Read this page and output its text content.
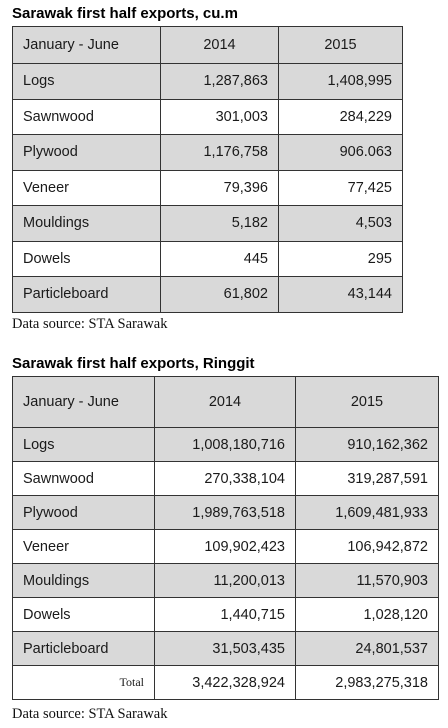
Sarawak first half exports, cu.m
January - June	2014	2015
Logs	1,287,863	1,408,995
Sawnwood	301,003	284,229
Plywood	1,176,758	906.063
Veneer	79,396	77,425
Mouldings	5,182	4,503
Dowels	445	295
Particleboard	61,802	43,144
Data source: STA Sarawak
Sarawak first half exports, Ringgit
January - June	2014	2015
Logs	1,008,180,716	910,162,362
Sawnwood	270,338,104	319,287,591
Plywood	1,989,763,518	1,609,481,933
Veneer	109,902,423	106,942,872
Mouldings	11,200,013	11,570,903
Dowels	1,440,715	1,028,120
Particleboard	31,503,435	24,801,537
Total	3,422,328,924	2,983,275,318
Data source: STA Sarawak
